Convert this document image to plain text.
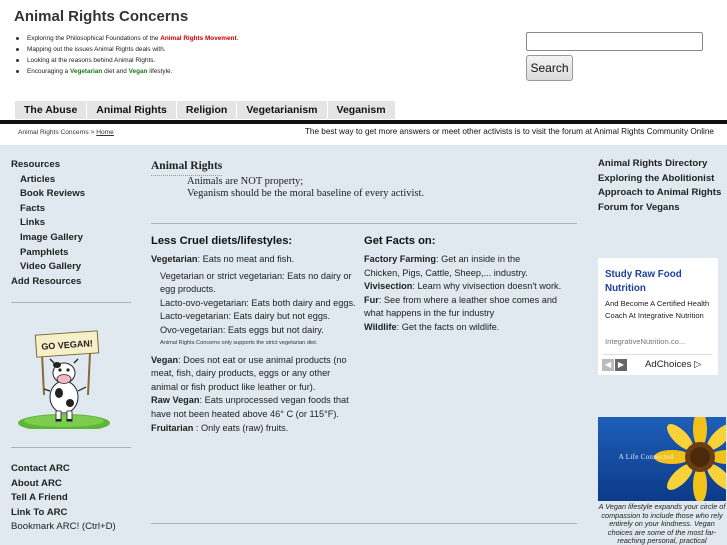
Animal Rights Concerns
Exploring the Philosophical Foundations of the Animal Rights Movement.
Mapping out the issues Animal Rights deals with.
Looking at the reasons behind Animal Rights.
Encouraging a Vegetarian diet and Vegan lifestyle.	Search
The Abuse	Animal Rights	Religion	Vegetarianism	Veganism
Animal Rights Concerns > Home	The best way to get more answers or meet other activists is to visit the forum at Animal Rights Community Online
Resources
Articles
Book Reviews
Facts
Links
Image Gallery
Pamphlets
Video Gallery
Add Resources
GO VEGAN!
Contact ARC
About ARC
Tell A Friend
Link To ARC
Bookmark ARC! (Ctrl+D)
Animal Rights
Animals are NOT property;
Veganism should be the moral baseline of every activist.
Less Cruel diets/lifestyles:
Vegetarian: Eats no meat and fish.
Vegetarian or strict vegetarian: Eats no dairy or egg products.
Lacto-ovo-vegetarian: Eats both dairy and eggs.
Lacto-vegetarian: Eats dairy but not eggs.
Ovo-vegetarian: Eats eggs but not dairy.
Animal Rights Concerns only supports the strict vegetarian diet.
Vegan: Does not eat or use animal products (no meat, fish, dairy products, eggs or any other animal or fish product like leather or fur).
Raw Vegan: Eats unprocessed vegan foods that have not been heated above 46° C (or 115°F).
Fruitarian : Only eats (raw) fruits.
Get Facts on:
Factory Farming: Get an inside in the
Chicken, Pigs, Cattle, Sheep,... industry.
Vivisection: Learn why vivisection doesn't work.
Fur: See from where a leather shoe comes and what happens in the fur industry
Wildlife: Get the facts on wildlife.
Animal Rights Directory
Exploring the Abolitionist Approach to Animal Rights
Forum for Vegans
Study Raw Food Nutrition
And Become A Certified Health Coach At Integrative Nutrition
IntegrativeNutrition.co...
◀ ▶	AdChoices ▷
A Life Connected
A Vegan lifestyle expands your circle of compassion to include those who rely entirely on your kindness. Vegan choices are some of the most far-reaching personal, practical
